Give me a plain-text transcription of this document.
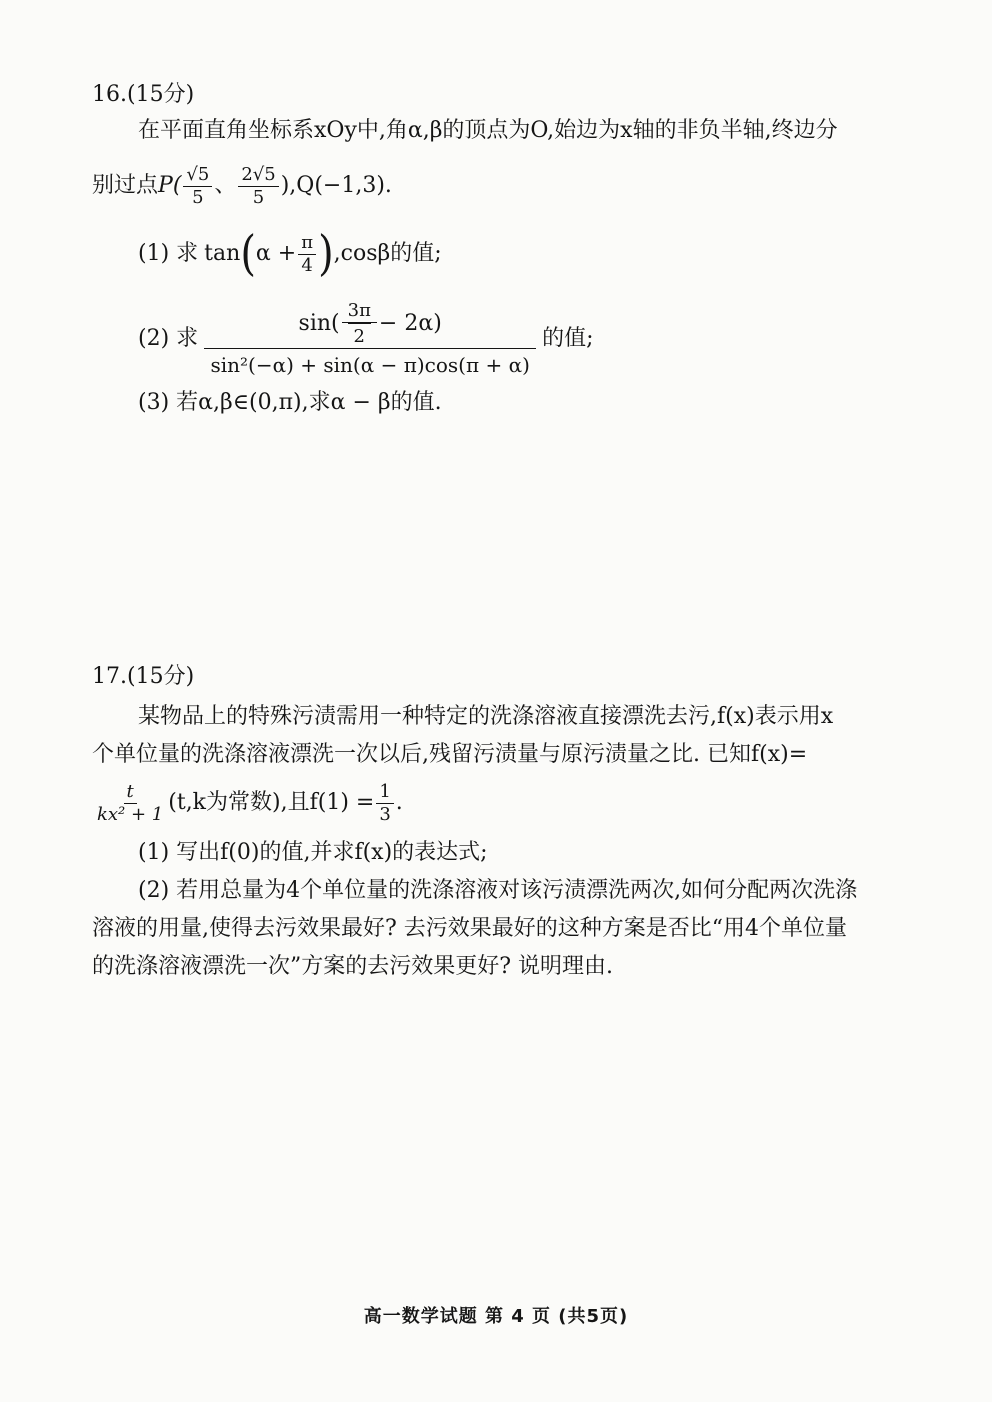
16.(15分)
在平面直角坐标系xOy中,角α,β的顶点为O,始边为x轴的非负半轴,终边分
别过点 $P( \frac{√5}{5}$ 、 $\frac{2√5}{5} ),Q(-1,3)$.
(1) 求 tan ( $\alpha + \frac{\pi}{4}$ ) ,cosβ的值;
(2) 求
$\sin( \frac{3\pi}{2} - 2\alpha)$
sin²(−α) + sin(α − π)cos(π + α)
的值;
(3) 若α,β∈(0,π),求α − β的值.
17.(15分)
某物品上的特殊污渍需用一种特定的洗涤溶液直接漂洗去污,f(x)表示用x
个单位量的洗涤溶液漂洗一次以后,残留污渍量与原污渍量之比. 已知f(x)=
$\frac{t}{\text{kx² + 1}} (t,k$为常数),且$f(1) = \frac{1}{3}$ .
(1) 写出f(0)的值,并求f(x)的表达式;
(2) 若用总量为4个单位量的洗涤溶液对该污渍漂洗两次,如何分配两次洗涤
溶液的用量,使得去污效果最好? 去污效果最好的这种方案是否比“用4个单位量
的洗涤溶液漂洗一次”方案的去污效果更好? 说明理由.
高一数学试题 第 4 页 (共5页)
